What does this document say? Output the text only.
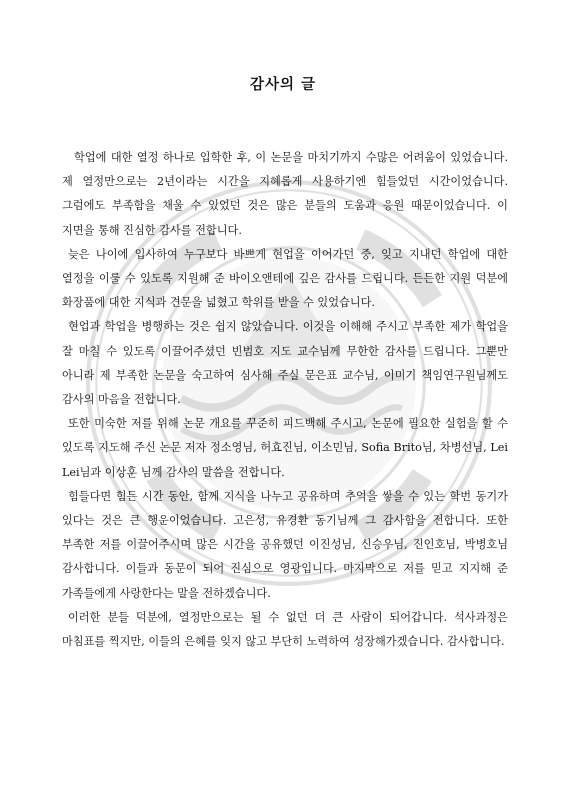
감사의 글

학업에 대한 열정 하나로 입학한 후, 이 논문을 마치기까지 수많은 어려움이 있었습니다. 제 열정만으로는 2년이라는 시간을 지혜롭게 사용하기엔 힘들었던 시간이었습니다. 그럼에도 부족함을 채울 수 있었던 것은 많은 분들의 도움과 응원 때문이었습니다. 이 지면을 통해 진심한 감사를 전합니다.

늦은 나이에 입사하여 누구보다 바쁘게 현업을 이어가던 중, 잊고 지내던 학업에 대한 열정을 이룰 수 있도록 지원해 준 바이오앤테에 깊은 감사를 드립니다. 든든한 지원 덕분에 화장품에 대한 지식과 견문을 넓혔고 학위를 받을 수 있었습니다.

현업과 학업을 병행하는 것은 쉽지 않았습니다. 이것을 이해해 주시고 부족한 제가 학업을 잘 마칠 수 있도록 이끌어주셨던 빈범호 지도 교수님께 무한한 감사를 드립니다. 그뿐만 아니라 제 부족한 논문을 숙고하여 심사해 주실 문은표 교수님, 이미기 책임연구원님께도 감사의 마음을 전합니다.

또한 미숙한 저를 위해 논문 개요를 꾸준히 피드백해 주시고, 논문에 필요한 실험을 할 수 있도록 지도해 주신 논문 저자 정소영님, 허효진님, 이소민님, Sofia Brito님, 차병선님, Lei Lei님과 이상훈 님께 감사의 말씀을 전합니다.

힘들다면 힘든 시간 동안, 함께 지식을 나누고 공유하며 추억을 쌓을 수 있는 학번 동기가 있다는 것은 큰 행운이었습니다. 고은성, 유경환 동기님께 그 감사함을 전합니다. 또한 부족한 저를 이끌어주시며 많은 시간을 공유했던 이진성님, 신승우님, 진인호님, 박병호님 감사합니다. 이들과 동문이 되어 진심으로 영광입니다. 마지막으로 저를 믿고 지지해 준 가족들에게 사랑한다는 말을 전하겠습니다.

이러한 분들 덕분에, 열정만으로는 될 수 없던 더 큰 사람이 되어갑니다. 석사과정은 마침표를 찍지만, 이들의 은혜를 잊지 않고 부단히 노력하여 성장해가겠습니다. 감사합니다.
